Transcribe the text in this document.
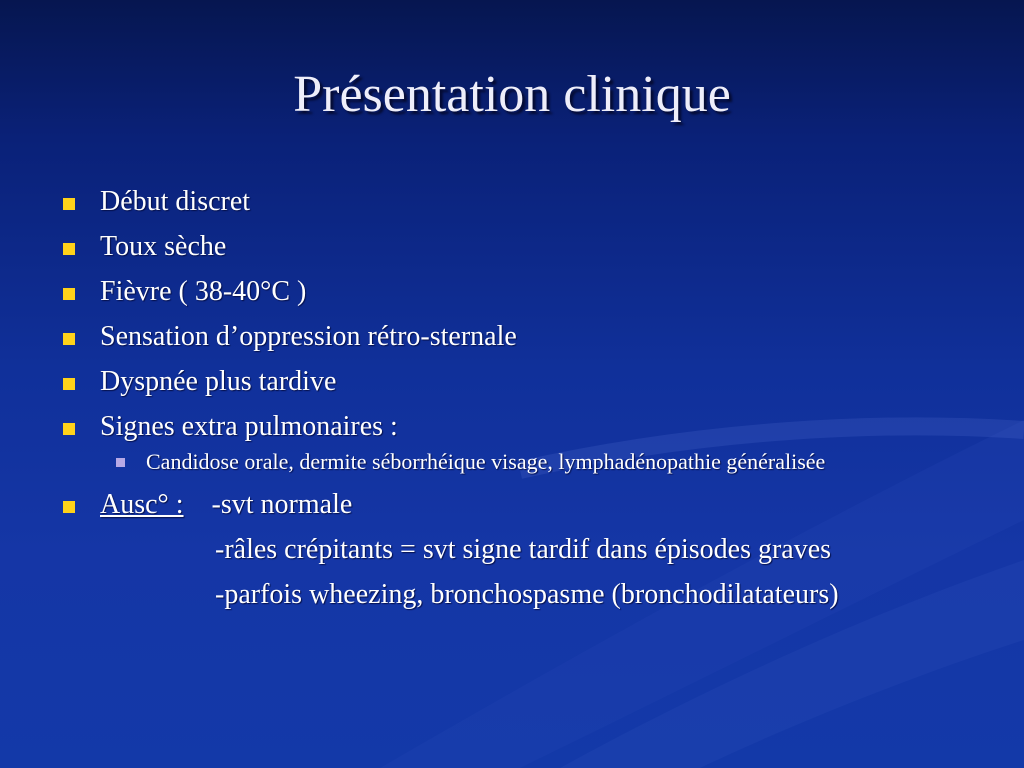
Présentation clinique
Début discret
Toux sèche
Fièvre ( 38-40°C )
Sensation d’oppression rétro-sternale
Dyspnée plus tardive
Signes extra pulmonaires :
Candidose orale, dermite séborrhéique visage, lymphadénopathie généralisée
Ausc° : -svt normale
-râles crépitants = svt signe tardif dans épisodes graves
-parfois wheezing, bronchospasme (bronchodilatateurs)
